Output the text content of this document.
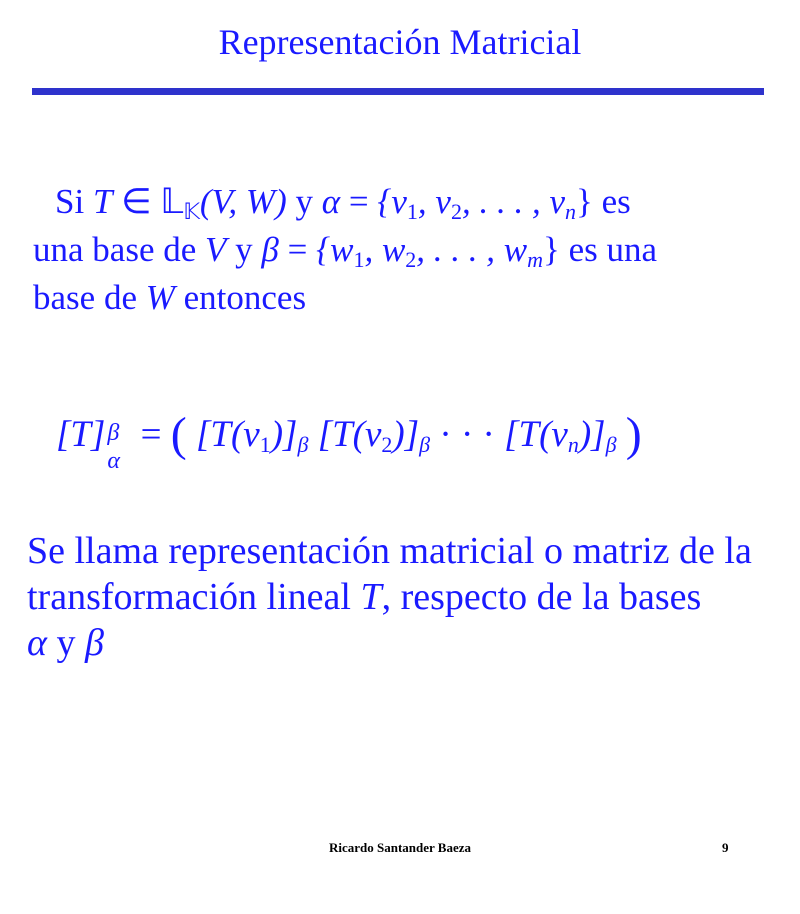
Representación Matricial
Si T ∈ 𝕃$_𝕂$(V, W) y $\alpha = \{v_1$, $v_2$, . . . , $v_n$} es
una base de V y $\beta = \{w_1$, $w_2$, . . . , $w_m$} es una
base de W entonces
[T] β
α
= ( $[T(v_1)]_\beta$ $[T(v_2)]_\beta$ · · · $[T(v_n)]_\beta$ )
Se llama representación matricial o matriz de la transformación lineal T, respecto de la bases
α y β
Ricardo Santander Baeza	9
